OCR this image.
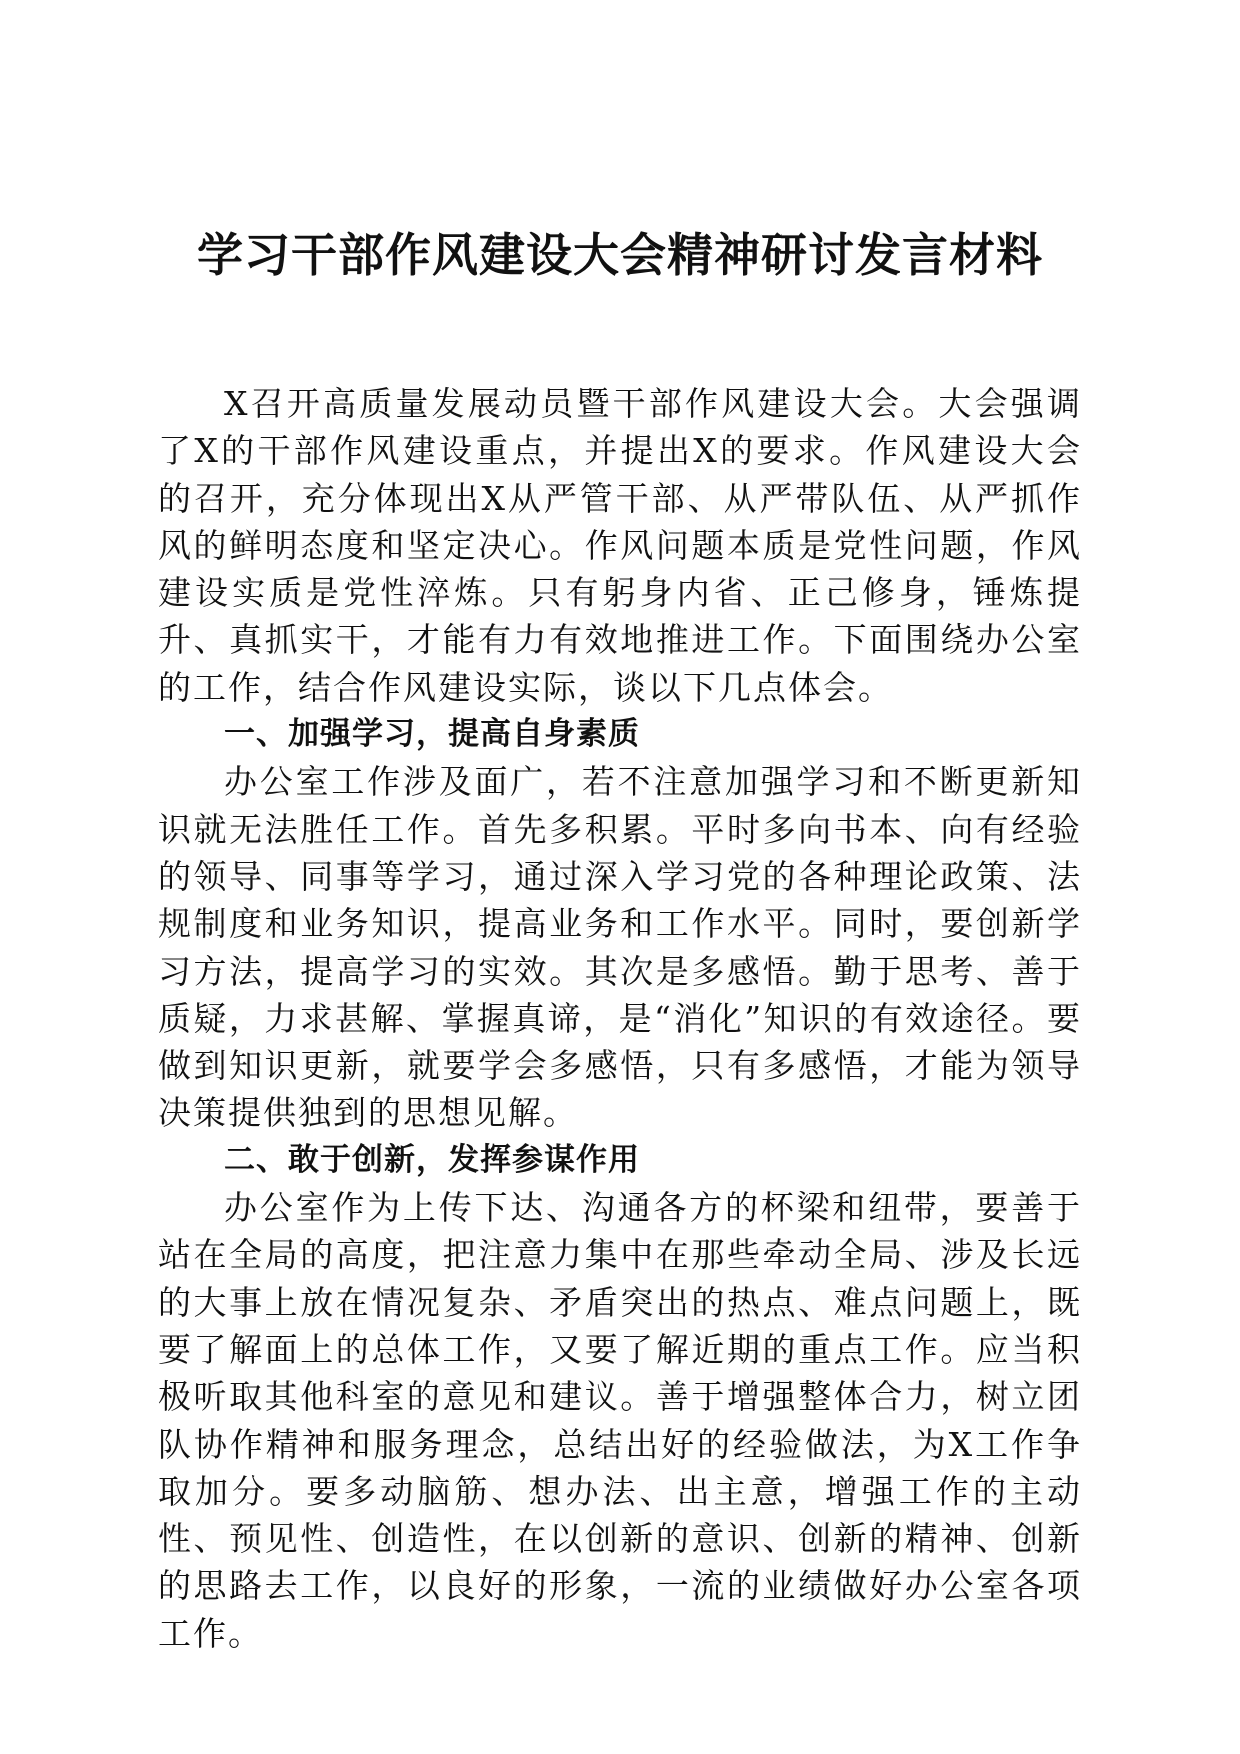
学习干部作风建设大会精神研讨发言材料

X召开高质量发展动员暨干部作风建设大会。大会强调了X的干部作风建设重点，并提出X的要求。作风建设大会的召开，充分体现出X从严管干部、从严带队伍、从严抓作风的鲜明态度和坚定决心。作风问题本质是党性问题，作风建设实质是党性淬炼。只有躬身内省、正己修身，锤炼提升、真抓实干，才能有力有效地推进工作。下面围绕办公室的工作，结合作风建设实际，谈以下几点体会。

一、加强学习，提高自身素质

办公室工作涉及面广，若不注意加强学习和不断更新知识就无法胜任工作。首先多积累。平时多向书本、向有经验的领导、同事等学习，通过深入学习党的各种理论政策、法规制度和业务知识，提高业务和工作水平。同时，要创新学习方法，提高学习的实效。其次是多感悟。勤于思考、善于质疑，力求甚解、掌握真谛，是“消化”知识的有效途径。要做到知识更新，就要学会多感悟，只有多感悟，才能为领导决策提供独到的思想见解。

二、敢于创新，发挥参谋作用

办公室作为上传下达、沟通各方的杯梁和纽带，要善于站在全局的高度，把注意力集中在那些牵动全局、涉及长远的大事上放在情况复杂、矛盾突出的热点、难点问题上，既要了解面上的总体工作，又要了解近期的重点工作。应当积极听取其他科室的意见和建议。善于增强整体合力，树立团队协作精神和服务理念，总结出好的经验做法，为X工作争取加分。要多动脑筋、想办法、出主意，增强工作的主动性、预见性、创造性，在以创新的意识、创新的精神、创新的思路去工作，以良好的形象，一流的业绩做好办公室各项工作。
